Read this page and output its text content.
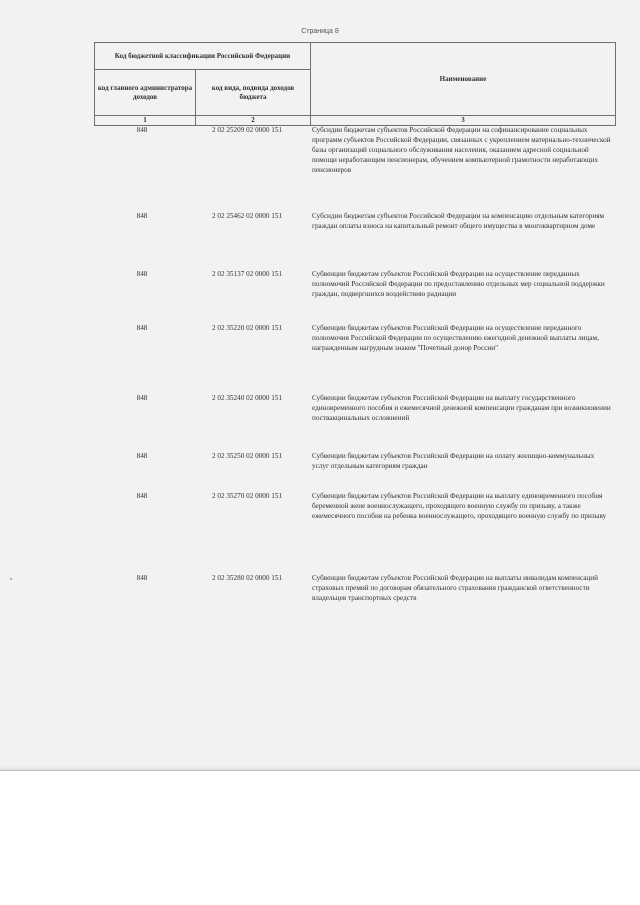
Страница 8
Код бюджетной классификации Российской Федерации		Наименование
код главного администратора доходов	код вида, подвида доходов бюджета	
1	2	3
848	2 02 25209 02 0000 151	Субсидии бюджетам субъектов Российской Федерации на софинансирование социальных программ субъектов Российской Федерации, связанных с укреплением материально-технической базы организаций социального обслуживания населения, оказанием адресной социальной помощи неработающим пенсионерам, обучением компьютерной грамотности неработающих пенсионеров
848	2 02 25462 02 0000 151	Субсидии бюджетам субъектов Российской Федерации на компенсацию отдельным категориям граждан оплаты взноса на капитальный ремонт общего имущества в многоквартирном доме
848	2 02 35137 02 0000 151	Субвенции бюджетам субъектов Российской Федерации на осуществление переданных полномочий Российской Федерации по предоставлению отдельных мер социальной поддержки граждан, подвергшихся воздействию радиации
848	2 02 35220 02 0000 151	Субвенции бюджетам субъектов Российской Федерации на осуществление переданного полномочия Российской Федерации по осуществлению ежегодной денежной выплаты лицам, награжденным нагрудным знаком "Почетный донор России"
848	2 02 35240 02 0000 151	Субвенции бюджетам субъектов Российской Федерации на выплату государственного единовременного пособия и ежемесячной денежной компенсации гражданам при возникновении поствакцинальных осложнений
848	2 02 35250 02 0000 151	Субвенции бюджетам субъектов Российской Федерации на оплату жилищно-коммунальных услуг отдельным категориям граждан
848	2 02 35270 02 0000 151	Субвенции бюджетам субъектов Российской Федерации на выплату единовременного пособия беременной жене военнослужащего, проходящего военную службу по призыву, а также ежемесячного пособия на ребенка военнослужащего, проходящего военную службу по призыву
848	2 02 35280 02 0000 151	Субвенции бюджетам субъектов Российской Федерации на выплаты инвалидам компенсаций страховых премий по договорам обязательного страхования гражданской ответственности владельцев транспортных средств
